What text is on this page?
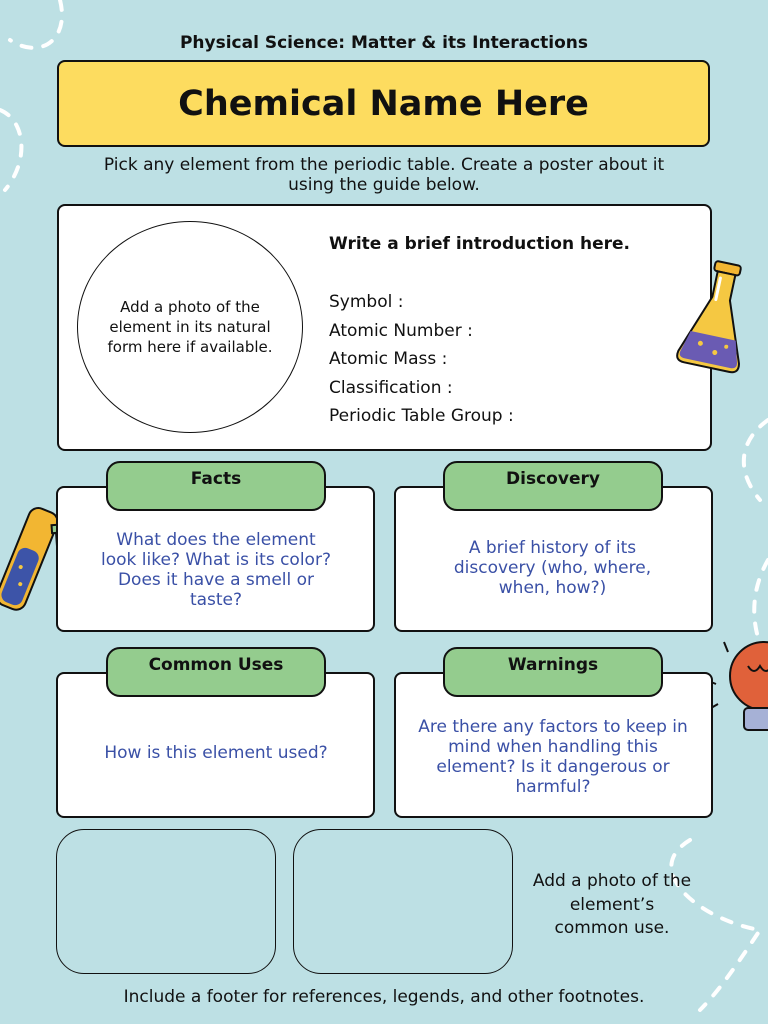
Physical Science: Matter & its Interactions
Chemical Name Here
Pick any element from the periodic table. Create a poster about it using the guide below.
Add a photo of the element in its natural form here if available.
Write a brief introduction here.
Symbol :
Atomic Number :
Atomic Mass :
Classification :
Periodic Table Group :
Facts
What does the element look like? What is its color? Does it have a smell or taste?
Discovery
A brief history of its discovery (who, where, when, how?)
Common Uses
How is this element used?
Warnings
Are there any factors to keep in mind when handling this element? Is it dangerous or harmful?
Add a photo of the element’s common use.
Include a footer for references, legends, and other footnotes.
